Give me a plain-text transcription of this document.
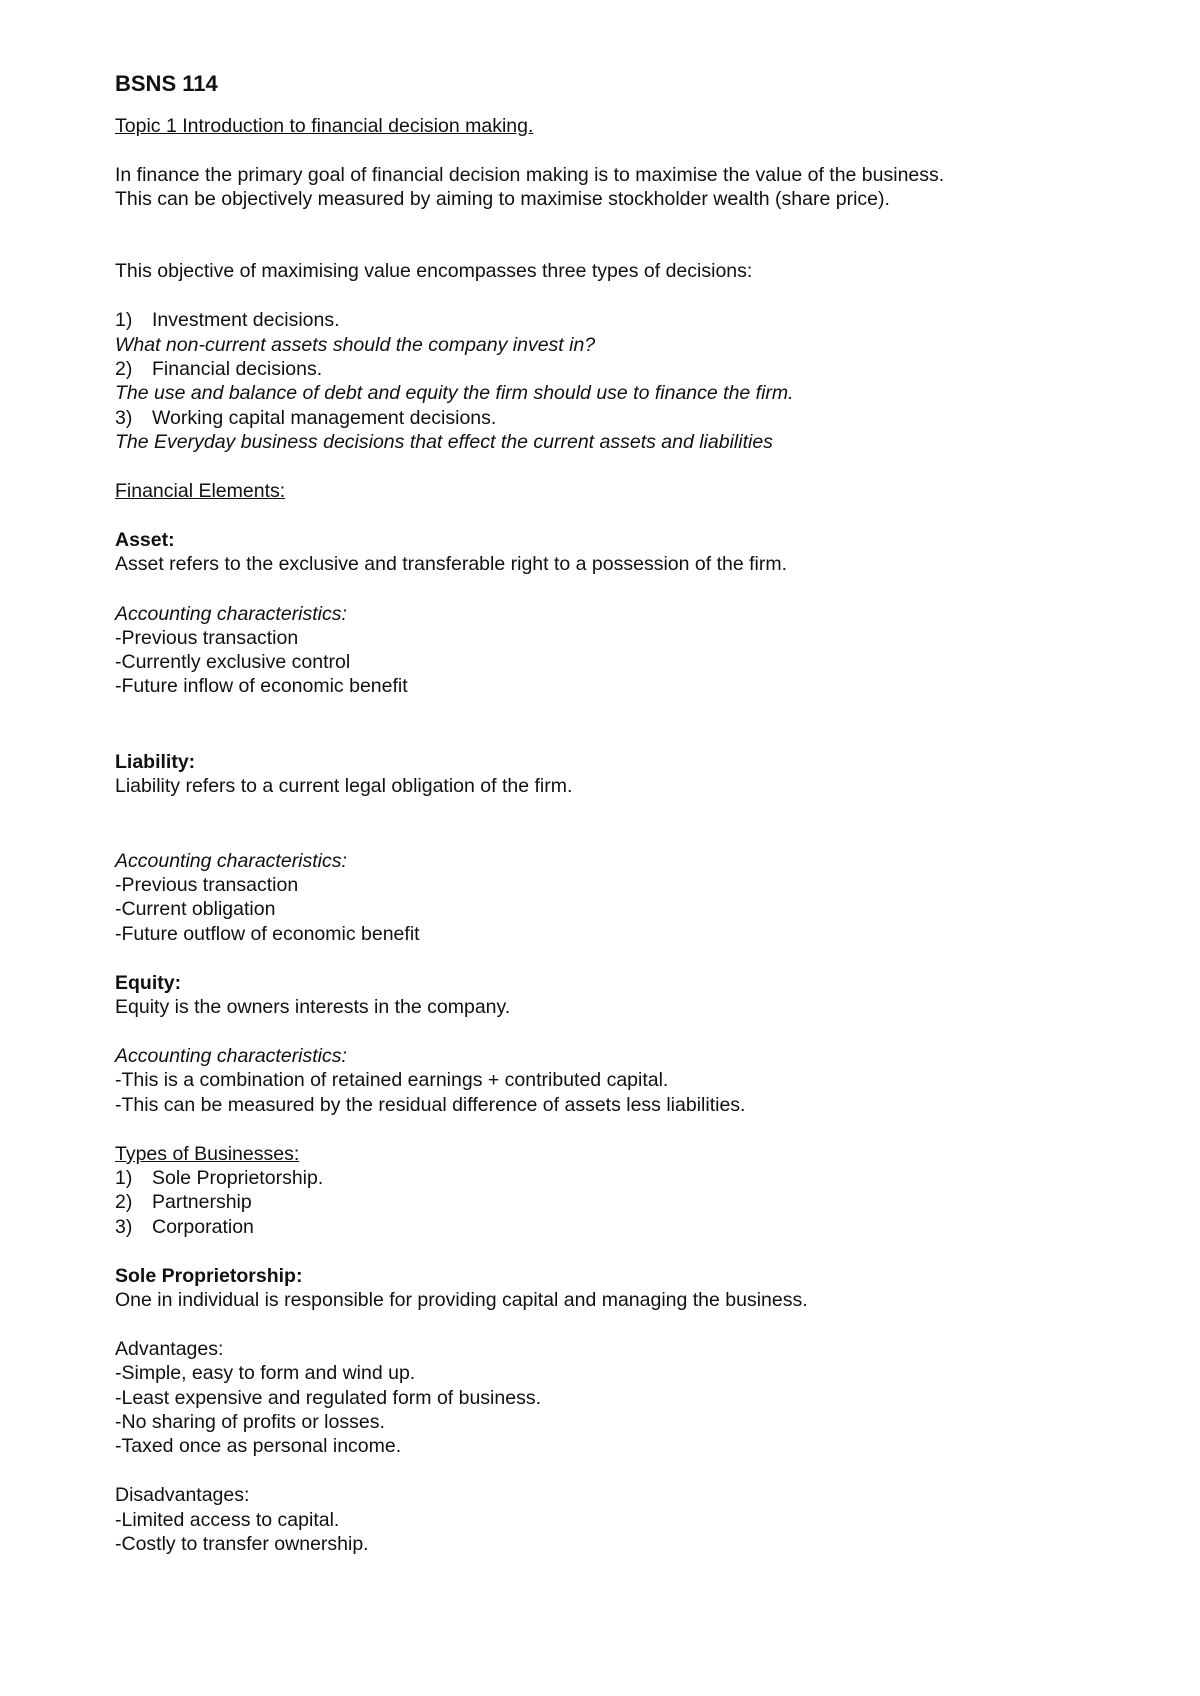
BSNS 114

Topic 1 Introduction to financial decision making.

In finance the primary goal of financial decision making is to maximise the value of the business.

This can be objectively measured by aiming to maximise stockholder wealth (share price).

This objective of maximising value encompasses three types of decisions:

1) Investment decisions.

What non-current assets should the company invest in?

2) Financial decisions.

The use and balance of debt and equity the firm should use to finance the firm.

3) Working capital management decisions.

The Everyday business decisions that effect the current assets and liabilities

Financial Elements:

Asset:

Asset refers to the exclusive and transferable right to a possession of the firm.

Accounting characteristics:

-Previous transaction

-Currently exclusive control

-Future inflow of economic benefit

Liability:

Liability refers to a current legal obligation of the firm.

Accounting characteristics:

-Previous transaction

-Current obligation

-Future outflow of economic benefit

Equity:

Equity is the owners interests in the company.

Accounting characteristics:

-This is a combination of retained earnings + contributed capital.

-This can be measured by the residual difference of assets less liabilities.

Types of Businesses:

1) Sole Proprietorship.

2) Partnership

3) Corporation

Sole Proprietorship:

One in individual is responsible for providing capital and managing the business.

Advantages:

-Simple, easy to form and wind up.

-Least expensive and regulated form of business.

-No sharing of profits or losses.

-Taxed once as personal income.

Disadvantages:

-Limited access to capital.

-Costly to transfer ownership.
